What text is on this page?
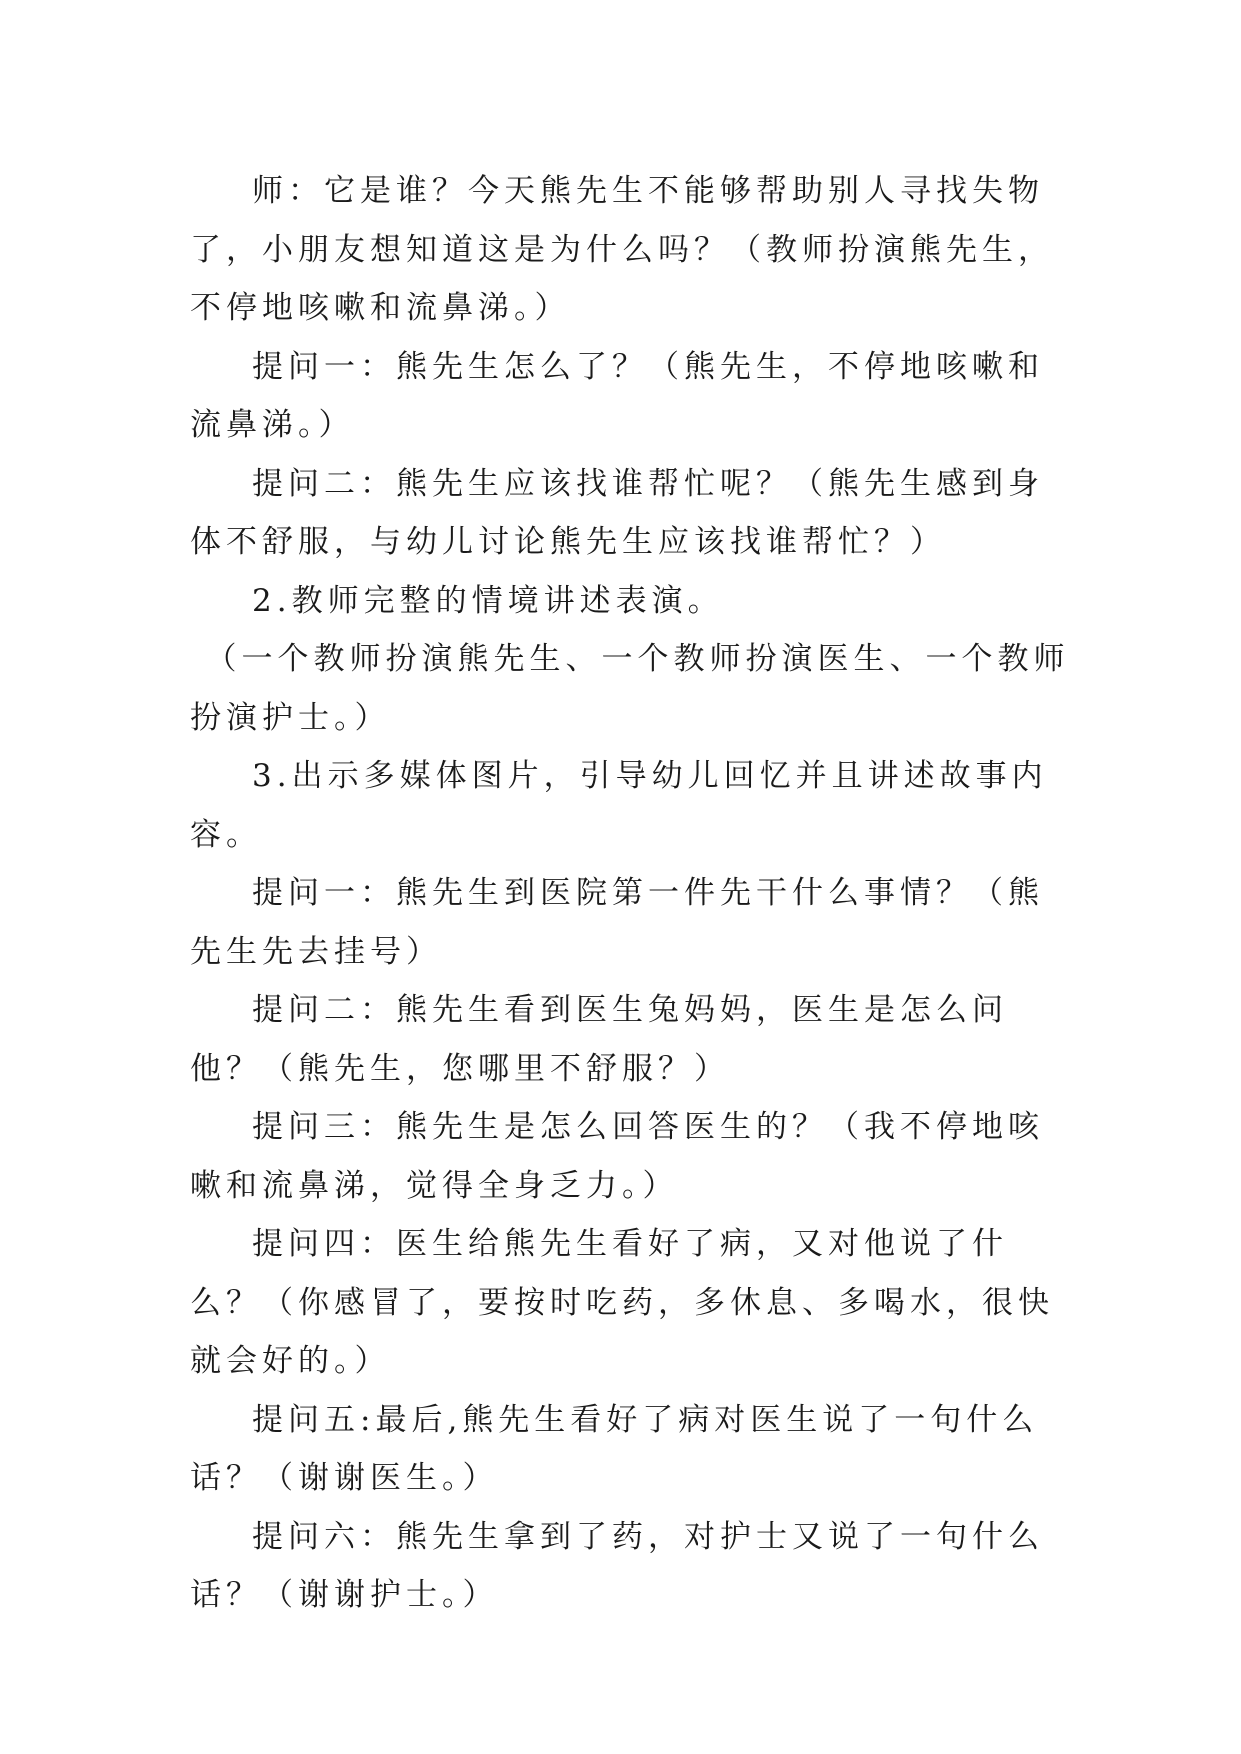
师：它是谁？今天熊先生不能够帮助别人寻找失物了，小朋友想知道这是为什么吗？（教师扮演熊先生，不停地咳嗽和流鼻涕。）

提问一：熊先生怎么了？（熊先生，不停地咳嗽和流鼻涕。）

提问二：熊先生应该找谁帮忙呢？（熊先生感到身体不舒服，与幼儿讨论熊先生应该找谁帮忙？）

2.教师完整的情境讲述表演。

（一个教师扮演熊先生、一个教师扮演医生、一个教师扮演护士。）

3.出示多媒体图片，引导幼儿回忆并且讲述故事内容。

提问一：熊先生到医院第一件先干什么事情？（熊先生先去挂号）

提问二：熊先生看到医生兔妈妈，医生是怎么问他？（熊先生，您哪里不舒服？）

提问三：熊先生是怎么回答医生的？（我不停地咳嗽和流鼻涕，觉得全身乏力。）

提问四：医生给熊先生看好了病，又对他说了什么？（你感冒了，要按时吃药，多休息、多喝水，很快就会好的。）

提问五:最后,熊先生看好了病对医生说了一句什么话？（谢谢医生。）

提问六：熊先生拿到了药，对护士又说了一句什么话？（谢谢护士。）
